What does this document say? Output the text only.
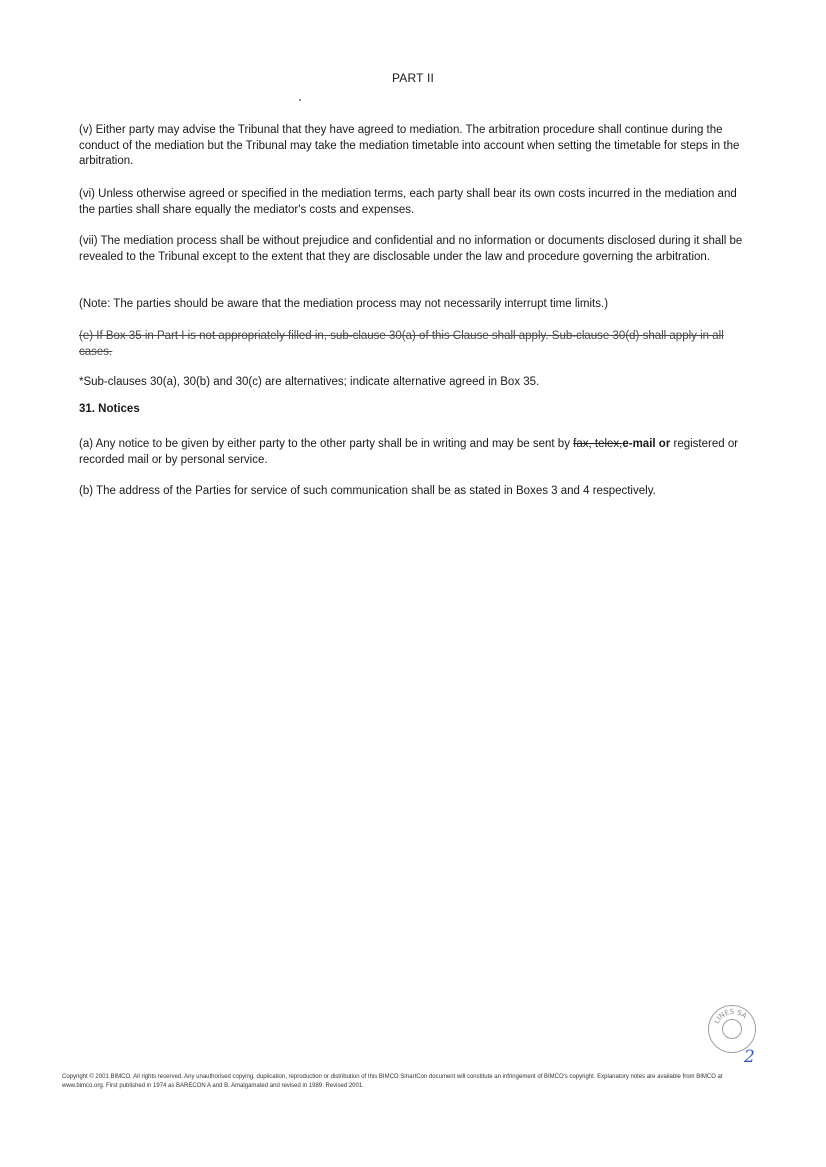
PART II

(v) Either party may advise the Tribunal that they have agreed to mediation. The arbitration procedure shall continue during the conduct of the mediation but the Tribunal may take the mediation timetable into account when setting the timetable for steps in the arbitration.

(vi) Unless otherwise agreed or specified in the mediation terms, each party shall bear its own costs incurred in the mediation and the parties shall share equally the mediator's costs and expenses.

(vii) The mediation process shall be without prejudice and confidential and no information or documents disclosed during it shall be revealed to the Tribunal except to the extent that they are disclosable under the law and procedure governing the arbitration.

(Note: The parties should be aware that the mediation process may not necessarily interrupt time limits.)

(e) If Box 35 in Part I is not appropriately filled in, sub-clause 30(a) of this Clause shall apply. Sub-clause 30(d) shall apply in all cases.

*Sub-clauses 30(a), 30(b) and 30(c) are alternatives; indicate alternative agreed in Box 35.

31. Notices

(a) Any notice to be given by either party to the other party shall be in writing and may be sent by fax, telex,e-mail or registered or recorded mail or by personal service.

(b) The address of the Parties for service of such communication shall be as stated in Boxes 3 and 4 respectively.

LINES SA
2
Copyright © 2001 BIMCO. All rights reserved. Any unauthorised copying, duplication, reproduction or distribution of this BIMCO SmartCon document will constitute an infringement of BIMCO's copyright. Explanatory notes are available from BIMCO at www.bimco.org. First published in 1974 as BARECON A and B. Amalgamated and revised in 1989. Revised 2001.
